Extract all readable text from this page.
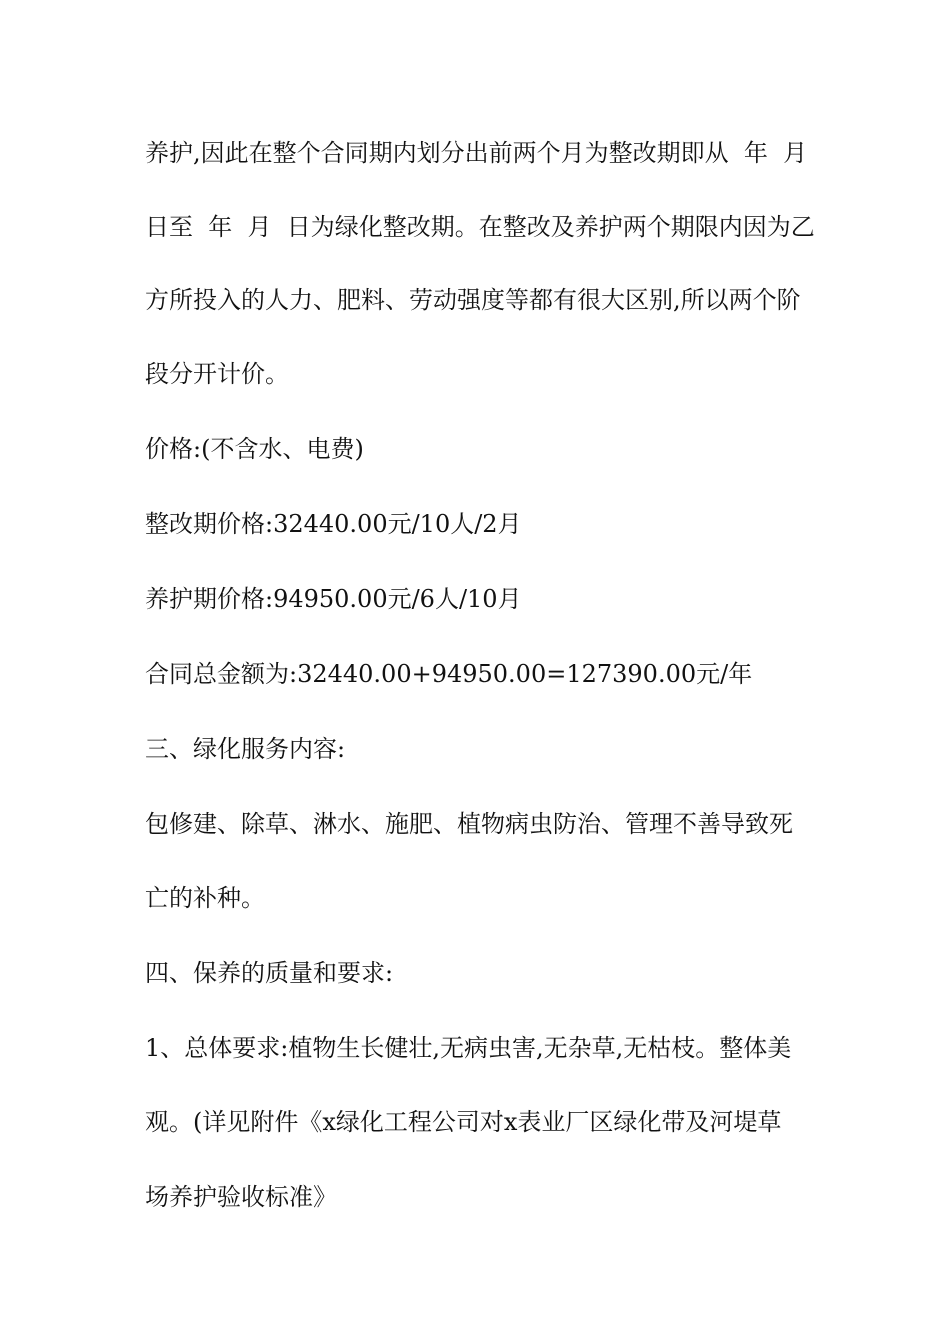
养护,因此在整个合同期内划分出前两个月为整改期即从  年  月
日至  年  月  日为绿化整改期。在整改及养护两个期限内因为乙
方所投入的人力、肥料、劳动强度等都有很大区别,所以两个阶
段分开计价。
价格:(不含水、电费)
整改期价格:32440.00元/10人/2月
养护期价格:94950.00元/6人/10月
合同总金额为:32440.00+94950.00=127390.00元/年
三、绿化服务内容:
包修建、除草、淋水、施肥、植物病虫防治、管理不善导致死
亡的补种。
四、保养的质量和要求:
1、总体要求:植物生长健壮,无病虫害,无杂草,无枯枝。整体美
观。(详见附件《x绿化工程公司对x表业厂区绿化带及河堤草
场养护验收标准》
